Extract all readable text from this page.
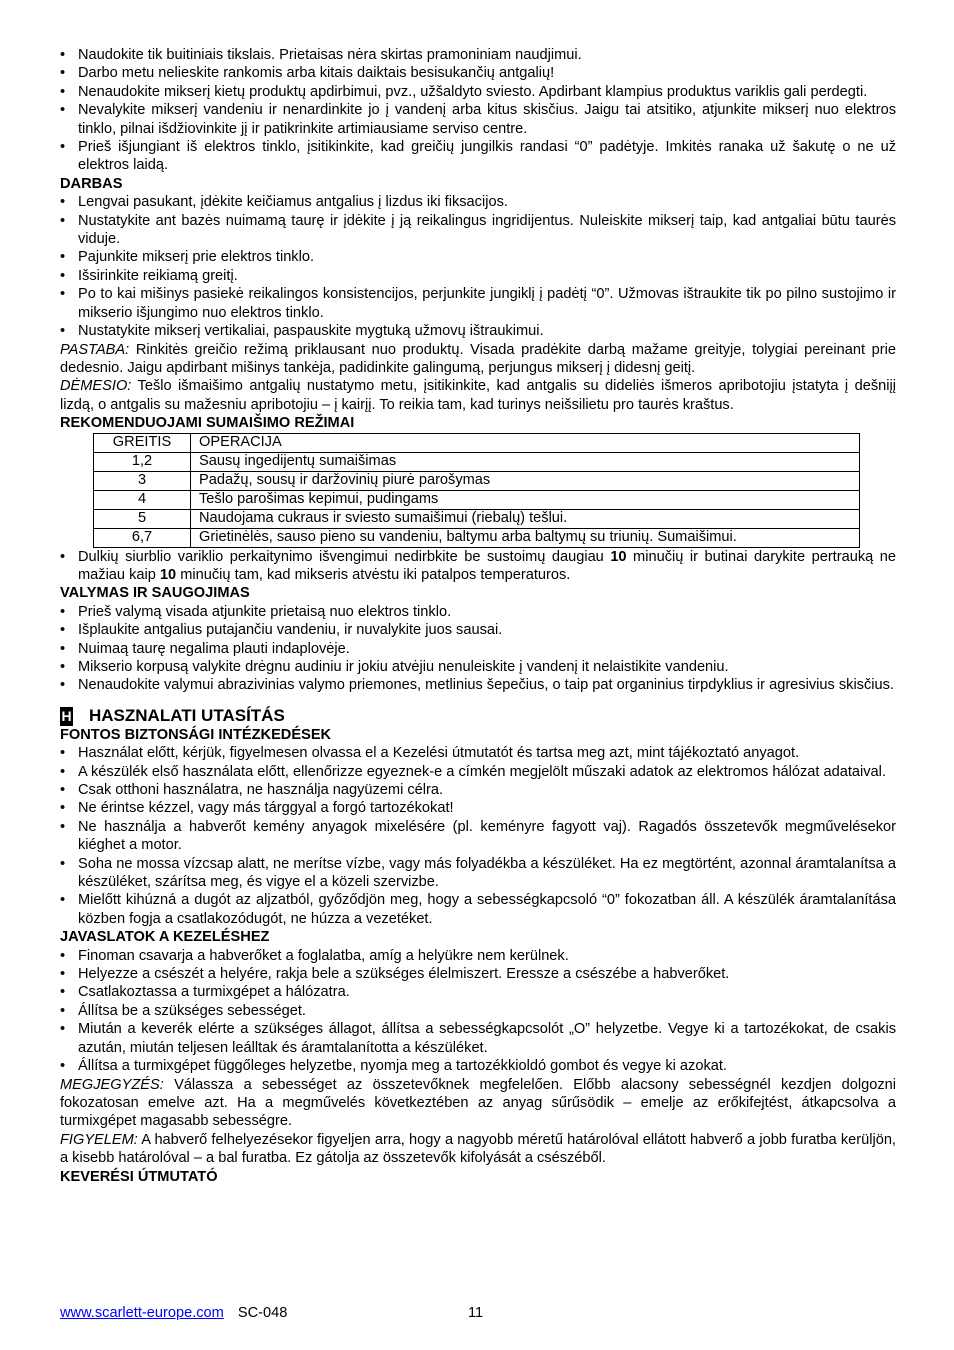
• Naudokite tik buitiniais tikslais. Prietaisas nėra skirtas pramoniniam naudjimui.
• Darbo metu nelieskite rankomis arba kitais daiktais besisukančių antgalių!
• Nenaudokite mikserį kietų produktų apdirbimui, pvz., užšaldyto sviesto. Apdirbant klampius produktus variklis gali perdegti.
• Nevalykite mikserį vandeniu ir nenardinkite jo į vandenį arba kitus skisčius. Jaigu tai atsitiko, atjunkite mikserį nuo elektros tinklo, pilnai išdžiovinkite jį ir patikrinkite artimiausiame serviso centre.
• Prieš išjungiant iš elektros tinklo, įsitikinkite, kad greičių jungilkis randasi “0” padėtyje. Imkitės ranaka už šakutę o ne už elektros laidą.
DARBAS
• Lengvai pasukant, įdėkite keičiamus antgalius į lizdus iki fiksacijos.
• Nustatykite ant bazės nuimamą taurę ir įdėkite į ją reikalingus ingridijentus. Nuleiskite mikserį taip, kad antgaliai būtu taurės viduje.
• Pajunkite mikserį prie elektros tinklo.
• Išsirinkite reikiamą greitį.
• Po to kai mišinys pasiekė reikalingos konsistencijos, perjunkite jungiklį į padėtį “0”. Užmovas ištraukite tik po pilno sustojimo ir mikserio išjungimo nuo elektros tinklo.
• Nustatykite mikserį vertikaliai, paspauskite mygtuką užmovų ištraukimui.
PASTABA: Rinkitės greičio režimą priklausant nuo produktų. Visada pradėkite darbą mažame greityje, tolygiai pereinant prie dedesnio. Jaigu apdirbant mišinys tankėja, padidinkite galingumą, perjungus mikserį į didesnį geitį.
DĖMESIO: Tešlo išmaišimo antgalių nustatymo metu, įsitikinkite, kad antgalis su dideliės išmeros apribotojiu įstatyta į dešniįį lizdą, o antgalis su mažesniu apribotojiu – į kairįį. To reikia tam, kad turinys neišsilietu pro taurės kraštus.
REKOMENDUOJAMI SUMAIŠIMO REŽIMAI
GREITIS	OPERACIJA
1,2	Sausų ingedijentų sumaišimas
3	Padažų, sousų ir daržovinių piurė parošymas
4	Tešlo parošimas kepimui, pudingams
5	Naudojama cukraus ir sviesto sumaišimui (riebalų) tešlui.
6,7	Grietinėlės, sauso pieno su vandeniu, baltymu arba baltymų su triunių. Sumaišimui.
• Dulkių siurblio variklio perkaitynimo išvengimui nedirbkite be sustoimų daugiau 10 minučių ir butinai darykite pertrauką ne mažiau kaip 10 minučių tam, kad mikseris atvėstu iki patalpos temperaturos.
VALYMAS IR SAUGOJIMAS
• Prieš valymą visada atjunkite prietaisą nuo elektros tinklo.
• Išplaukite antgalius putajančiu vandeniu, ir nuvalykite juos sausai.
• Nuimaą taurę negalima plauti indaplovėje.
• Mikserio korpusą valykite drėgnu audiniu ir jokiu atvėjiu nenuleiskite į vandenį it nelaistikite vandeniu.
• Nenaudokite valymui abrazivinias valymo priemones, metlinius šepečius, o taip pat organinius tirpdyklius ir agresivius skisčius.
H HASZNALATI UTASÍTÁS
FONTOS BIZTONSÁGI INTÉZKEDÉSEK
• Használat előtt, kérjük, figyelmesen olvassa el a Kezelési útmutatót és tartsa meg azt, mint tájékoztató anyagot.
• A készülék első használata előtt, ellenőrizze egyeznek-e a címkén megjelölt műszaki adatok az elektromos hálózat adataival.
• Csak otthoni használatra, ne használja nagyüzemi célra.
• Ne érintse kézzel, vagy más tárggyal a forgó tartozékokat!
• Ne használja a habverőt kemény anyagok mixelésére (pl. keményre fagyott vaj). Ragadós összetevők megművelésekor kiéghet a motor.
• Soha ne mossa vízcsap alatt, ne merítse vízbe, vagy más folyadékba a készüléket. Ha ez megtörtént, azonnal áramtalanítsa a készüléket, szárítsa meg, és vigye el a közeli szervizbe.
• Mielőtt kihúzná a dugót az aljzatból, győződjön meg, hogy a sebességkapcsoló “0” fokozatban áll. A készülék áramtalanítása közben fogja a csatlakozódugót, ne húzza a vezetéket.
JAVASLATOK A KEZELÉSHEZ
• Finoman csavarja a habverőket a foglalatba, amíg a helyükre nem kerülnek.
• Helyezze a csészét a helyére, rakja bele a szükséges élelmiszert. Eressze a csészébe a habverőket.
• Csatlakoztassa a turmixgépet a hálózatra.
• Állítsa be a szükséges sebességet.
• Miután a keverék elérte a szükséges állagot, állítsa a sebességkapcsolót „O” helyzetbe. Vegye ki a tartozékokat, de csakis azután, miután teljesen leálltak és áramtalanította a készüléket.
• Állítsa a turmixgépet függőleges helyzetbe, nyomja meg a tartozékkioldó gombot és vegye ki azokat.
MEGJEGYZÉS: Válassza a sebességet az összetevőknek megfelelően. Előbb alacsony sebességnél kezdjen dolgozni fokozatosan emelve azt. Ha a megművelés következtében az anyag sűrűsödik – emelje az erőkifejtést, átkapcsolva a turmixgépet magasabb sebességre.
FIGYELEM: A habverő felhelyezésekor figyeljen arra, hogy a nagyobb méretű határolóval ellátott habverő a jobb furatba kerüljön, a kisebb határolóval – a bal furatba. Ez gátolja az összetevők kifolyását a csészéből.
KEVERÉSI ÚTMUTATÓ
www.scarlett-europe.com SC-048	11
